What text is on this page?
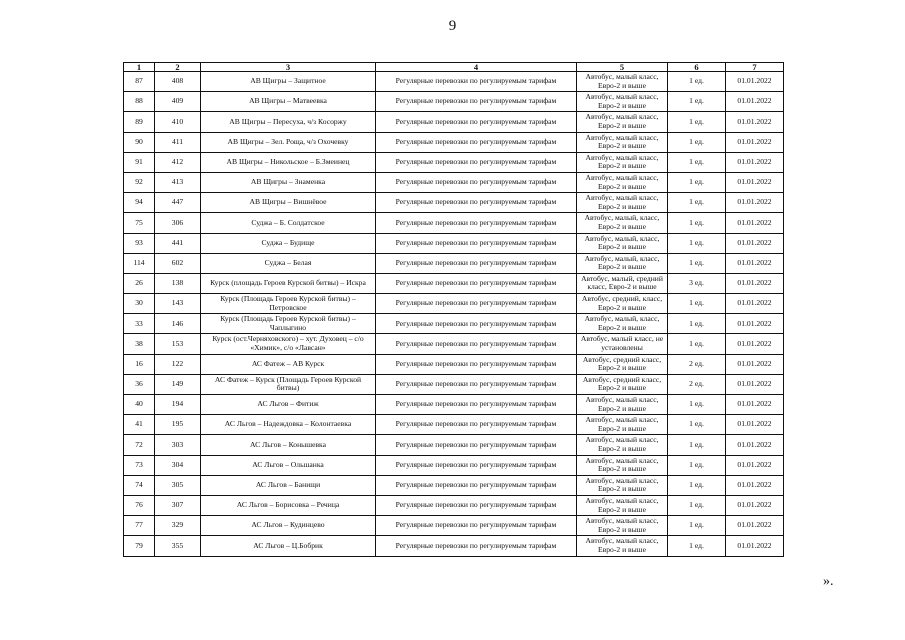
9
1	2	3	4	5	6	7
87	408	АВ Щигры – Защитное	Регулярные перевозки по регулируемым тарифам	Автобус, малый класс, Евро-2 и выше	1 ед.	01.01.2022
88	409	АВ Щигры – Матвеевка	Регулярные перевозки по регулируемым тарифам	Автобус, малый класс, Евро-2 и выше	1 ед.	01.01.2022
89	410	АВ Щигры – Пересуха, ч/з Косоржу	Регулярные перевозки по регулируемым тарифам	Автобус, малый класс, Евро-2 и выше	1 ед.	01.01.2022
90	411	АВ Щигры – Зел. Роща, ч/з Охочевку	Регулярные перевозки по регулируемым тарифам	Автобус, малый класс, Евро-2 и выше	1 ед.	01.01.2022
91	412	АВ Щигры – Никольское – Б.Змеинец	Регулярные перевозки по регулируемым тарифам	Автобус, малый класс, Евро-2 и выше	1 ед.	01.01.2022
92	413	АВ Щигры – Знаменка	Регулярные перевозки по регулируемым тарифам	Автобус, малый класс, Евро-2 и выше	1 ед.	01.01.2022
94	447	АВ Щигры – Вишнёвое	Регулярные перевозки по регулируемым тарифам	Автобус, малый класс, Евро-2 и выше	1 ед.	01.01.2022
75	306	Суджа – Б. Солдатское	Регулярные перевозки по регулируемым тарифам	Автобус, малый, класс, Евро-2 и выше	1 ед.	01.01.2022
93	441	Суджа – Будище	Регулярные перевозки по регулируемым тарифам	Автобус, малый, класс, Евро-2 и выше	1 ед.	01.01.2022
114	602	Суджа – Белая	Регулярные перевозки по регулируемым тарифам	Автобус, малый, класс, Евро-2 и выше	1 ед.	01.01.2022
26	138	Курск (площадь Героев Курской битвы) – Искра	Регулярные перевозки по регулируемым тарифам	Автобус, малый, средний класс, Евро-2 и выше	3 ед.	01.01.2022
30	143	Курск (Площадь Героев Курской битвы) – Петровское	Регулярные перевозки по регулируемым тарифам	Автобус, средний, класс, Евро-2 и выше	1 ед.	01.01.2022
33	146	Курск (Площадь Героев Курской битвы) – Чаплыгино	Регулярные перевозки по регулируемым тарифам	Автобус, малый, класс, Евро-2 и выше	1 ед.	01.01.2022
38	153	Курск (ост.Черняховского) – хут. Духовец – с/о «Химик», с/о «Лавсан»	Регулярные перевозки по регулируемым тарифам	Автобус, малый класс, не установлены	1 ед.	01.01.2022
16	122	АС Фатеж – АВ Курск	Регулярные перевозки по регулируемым тарифам	Автобус, средний класс, Евро-2 и выше	2 ед.	01.01.2022
36	149	АС Фатеж – Курск (Площадь Героев Курской битвы)	Регулярные перевозки по регулируемым тарифам	Автобус, средний класс, Евро-2 и выше	2 ед.	01.01.2022
40	194	АС Льгов – Фитиж	Регулярные перевозки по регулируемым тарифам	Автобус, малый класс, Евро-2 и выше	1 ед.	01.01.2022
41	195	АС Льгов – Надеждовка – Колонтаевка	Регулярные перевозки по регулируемым тарифам	Автобус, малый класс, Евро-2 и выше	1 ед.	01.01.2022
72	303	АС Льгов – Конышевка	Регулярные перевозки по регулируемым тарифам	Автобус, малый класс, Евро-2 и выше	1 ед.	01.01.2022
73	304	АС Льгов – Ольшанка	Регулярные перевозки по регулируемым тарифам	Автобус, малый класс, Евро-2 и выше	1 ед.	01.01.2022
74	305	АС Льгов – Банищи	Регулярные перевозки по регулируемым тарифам	Автобус, малый класс, Евро-2 и выше	1 ед.	01.01.2022
76	307	АС Льгов – Борисовка – Речица	Регулярные перевозки по регулируемым тарифам	Автобус, малый класс, Евро-2 и выше	1 ед.	01.01.2022
77	329	АС Льгов – Кудинцево	Регулярные перевозки по регулируемым тарифам	Автобус, малый класс, Евро-2 и выше	1 ед.	01.01.2022
79	355	АС Льгов – Ц.Бобрик	Регулярные перевозки по регулируемым тарифам	Автобус, малый класс, Евро-2 и выше	1 ед.	01.01.2022
».
